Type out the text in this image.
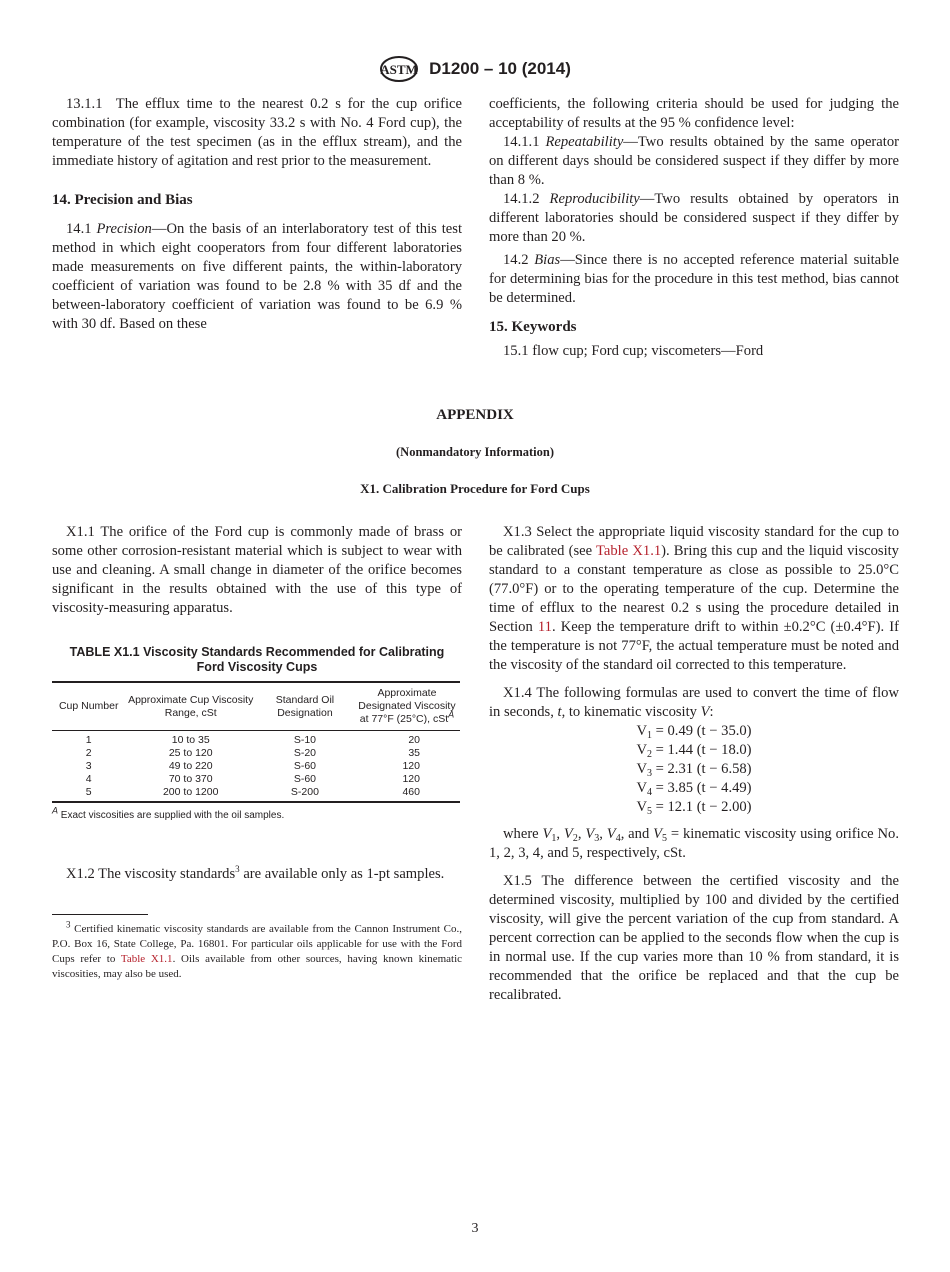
ASTM D1200 – 10 (2014)

13.1.1 The efflux time to the nearest 0.2 s for the cup orifice combination (for example, viscosity 33.2 s with No. 4 Ford cup), the temperature of the test specimen (as in the efflux stream), and the immediate history of agitation and rest prior to the measurement.

14. Precision and Bias

14.1 Precision—On the basis of an interlaboratory test of this test method in which eight cooperators from four different laboratories made measurements on five different paints, the within-laboratory coefficient of variation was found to be 2.8 % with 35 df and the between-laboratory coefficient of variation was found to be 6.9 % with 30 df. Based on these

coefficients, the following criteria should be used for judging the acceptability of results at the 95 % confidence level:

14.1.1 Repeatability—Two results obtained by the same operator on different days should be considered suspect if they differ by more than 8 %.

14.1.2 Reproducibility—Two results obtained by operators in different laboratories should be considered suspect if they differ by more than 20 %.

14.2 Bias—Since there is no accepted reference material suitable for determining bias for the procedure in this test method, bias cannot be determined.

15. Keywords

15.1 flow cup; Ford cup; viscometers—Ford

APPENDIX
(Nonmandatory Information)
X1. Calibration Procedure for Ford Cups

X1.1 The orifice of the Ford cup is commonly made of brass or some other corrosion-resistant material which is subject to wear with use and cleaning. A small change in diameter of the orifice becomes significant in the results obtained with the use of this type of viscosity-measuring apparatus.

TABLE X1.1 Viscosity Standards Recommended for Calibrating

Ford Viscosity Cups

Cup Number	Approximate Cup Viscosity Range, cSt	Standard Oil Designation	Approximate Designated Viscosity at 77°F (25°C), cSt$^A$
1	10 to 35	S-10	20
2	25 to 120	S-20	35
3	49 to 220	S-60	120
4	70 to 370	S-60	120
5	200 to 1200	S-200	460
$^A$ Exact viscosities are supplied with the oil samples.

X1.2 The viscosity standards$^3$ are available only as 1-pt samples.

$^3$ Certified kinematic viscosity standards are available from the Cannon Instrument Co., P.O. Box 16, State College, Pa. 16801. For particular oils applicable for use with the Ford Cups refer to Table X1.1. Oils available from other sources, having known kinematic viscosities, may also be used.

X1.3 Select the appropriate liquid viscosity standard for the cup to be calibrated (see Table X1.1). Bring this cup and the liquid viscosity standard to a constant temperature as close as possible to 25.0°C (77.0°F) or to the operating temperature of the cup. Determine the time of efflux to the nearest 0.2 s using the procedure detailed in Section 11. Keep the temperature drift to within ±0.2°C (±0.4°F). If the temperature is not 77°F, the actual temperature must be noted and the viscosity of the standard oil corrected to this temperature.

X1.4 The following formulas are used to convert the time of flow in seconds, t, to kinematic viscosity V:

$V_1 = 0.49$ (t − 35.0)
$V_2 = 1.44$ (t − 18.0)
$V_3 = 2.31$ (t − 6.58)
$V_4 = 3.85$ (t − 4.49)
$V_5 = 12.1$ (t − 2.00)

where $V_1$, $V_2$, $V_3$, $V_4$, and $V_5$ = kinematic viscosity using orifice No. 1, 2, 3, 4, and 5, respectively, cSt.

X1.5 The difference between the certified viscosity and the determined viscosity, multiplied by 100 and divided by the certified viscosity, will give the percent variation of the cup from standard. A percent correction can be applied to the seconds flow when the cup is in normal use. If the cup varies more than 10 % from standard, it is recommended that the orifice be replaced and that the cup be recalibrated.

3
